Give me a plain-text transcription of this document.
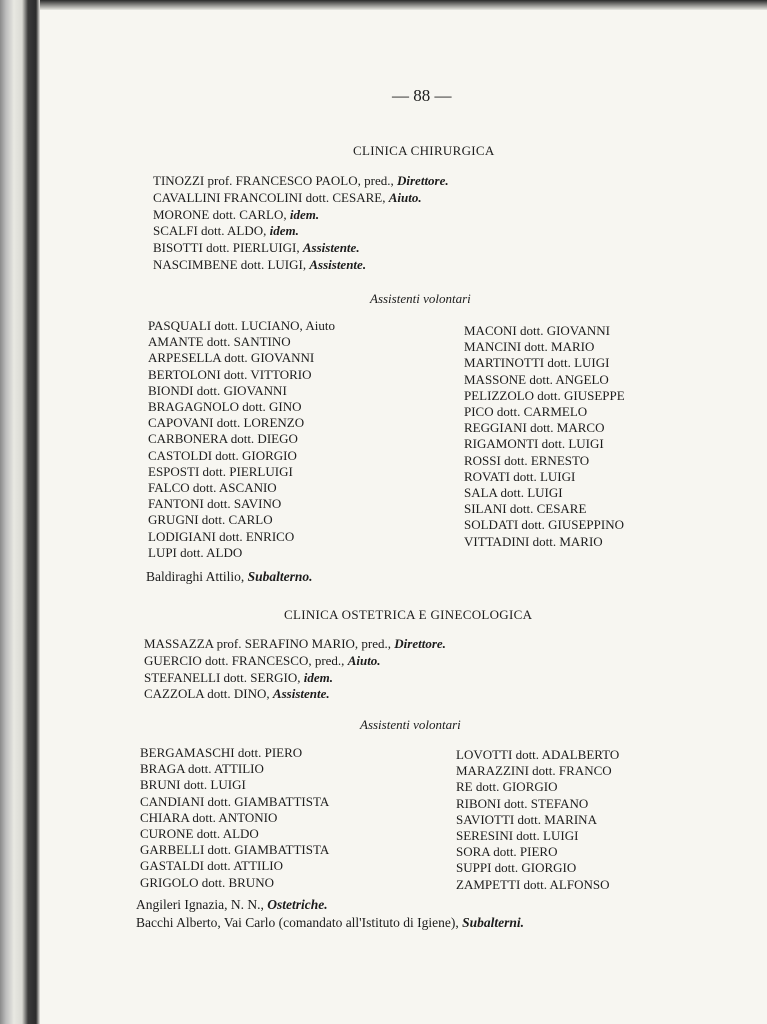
— 88 —
CLINICA CHIRURGICA
TINOZZI prof. FRANCESCO PAOLO, pred., Direttore.
CAVALLINI FRANCOLINI dott. CESARE, Aiuto.
MORONE dott. CARLO, idem.
SCALFI dott. ALDO, idem.
BISOTTI dott. PIERLUIGI, Assistente.
NASCIMBENE dott. LUIGI, Assistente.
Assistenti volontari
PASQUALI dott. LUCIANO, Aiuto
AMANTE dott. SANTINO
ARPESELLA dott. GIOVANNI
BERTOLONI dott. VITTORIO
BIONDI dott. GIOVANNI
BRAGAGNOLO dott. GINO
CAPOVANI dott. LORENZO
CARBONERA dott. DIEGO
CASTOLDI dott. GIORGIO
ESPOSTI dott. PIERLUIGI
FALCO dott. ASCANIO
FANTONI dott. SAVINO
GRUGNI dott. CARLO
LODIGIANI dott. ENRICO
LUPI dott. ALDO
MACONI dott. GIOVANNI
MANCINI dott. MARIO
MARTINOTTI dott. LUIGI
MASSONE dott. ANGELO
PELIZZOLO dott. GIUSEPPE
PICO dott. CARMELO
REGGIANI dott. MARCO
RIGAMONTI dott. LUIGI
ROSSI dott. ERNESTO
ROVATI dott. LUIGI
SALA dott. LUIGI
SILANI dott. CESARE
SOLDATI dott. GIUSEPPINO
VITTADINI dott. MARIO
Baldiraghi Attilio, Subalterno.
CLINICA OSTETRICA E GINECOLOGICA
MASSAZZA prof. SERAFINO MARIO, pred., Direttore.
GUERCIO dott. FRANCESCO, pred., Aiuto.
STEFANELLI dott. SERGIO, idem.
CAZZOLA dott. DINO, Assistente.
Assistenti volontari
BERGAMASCHI dott. PIERO
BRAGA dott. ATTILIO
BRUNI dott. LUIGI
CANDIANI dott. GIAMBATTISTA
CHIARA dott. ANTONIO
CURONE dott. ALDO
GARBELLI dott. GIAMBATTISTA
GASTALDI dott. ATTILIO
GRIGOLO dott. BRUNO
LOVOTTI dott. ADALBERTO
MARAZZINI dott. FRANCO
RE dott. GIORGIO
RIBONI dott. STEFANO
SAVIOTTI dott. MARINA
SERESINI dott. LUIGI
SORA dott. PIERO
SUPPI dott. GIORGIO
ZAMPETTI dott. ALFONSO
Angileri Ignazia, N. N., Ostetriche.
Bacchi Alberto, Vai Carlo (comandato all'Istituto di Igiene), Subalterni.
